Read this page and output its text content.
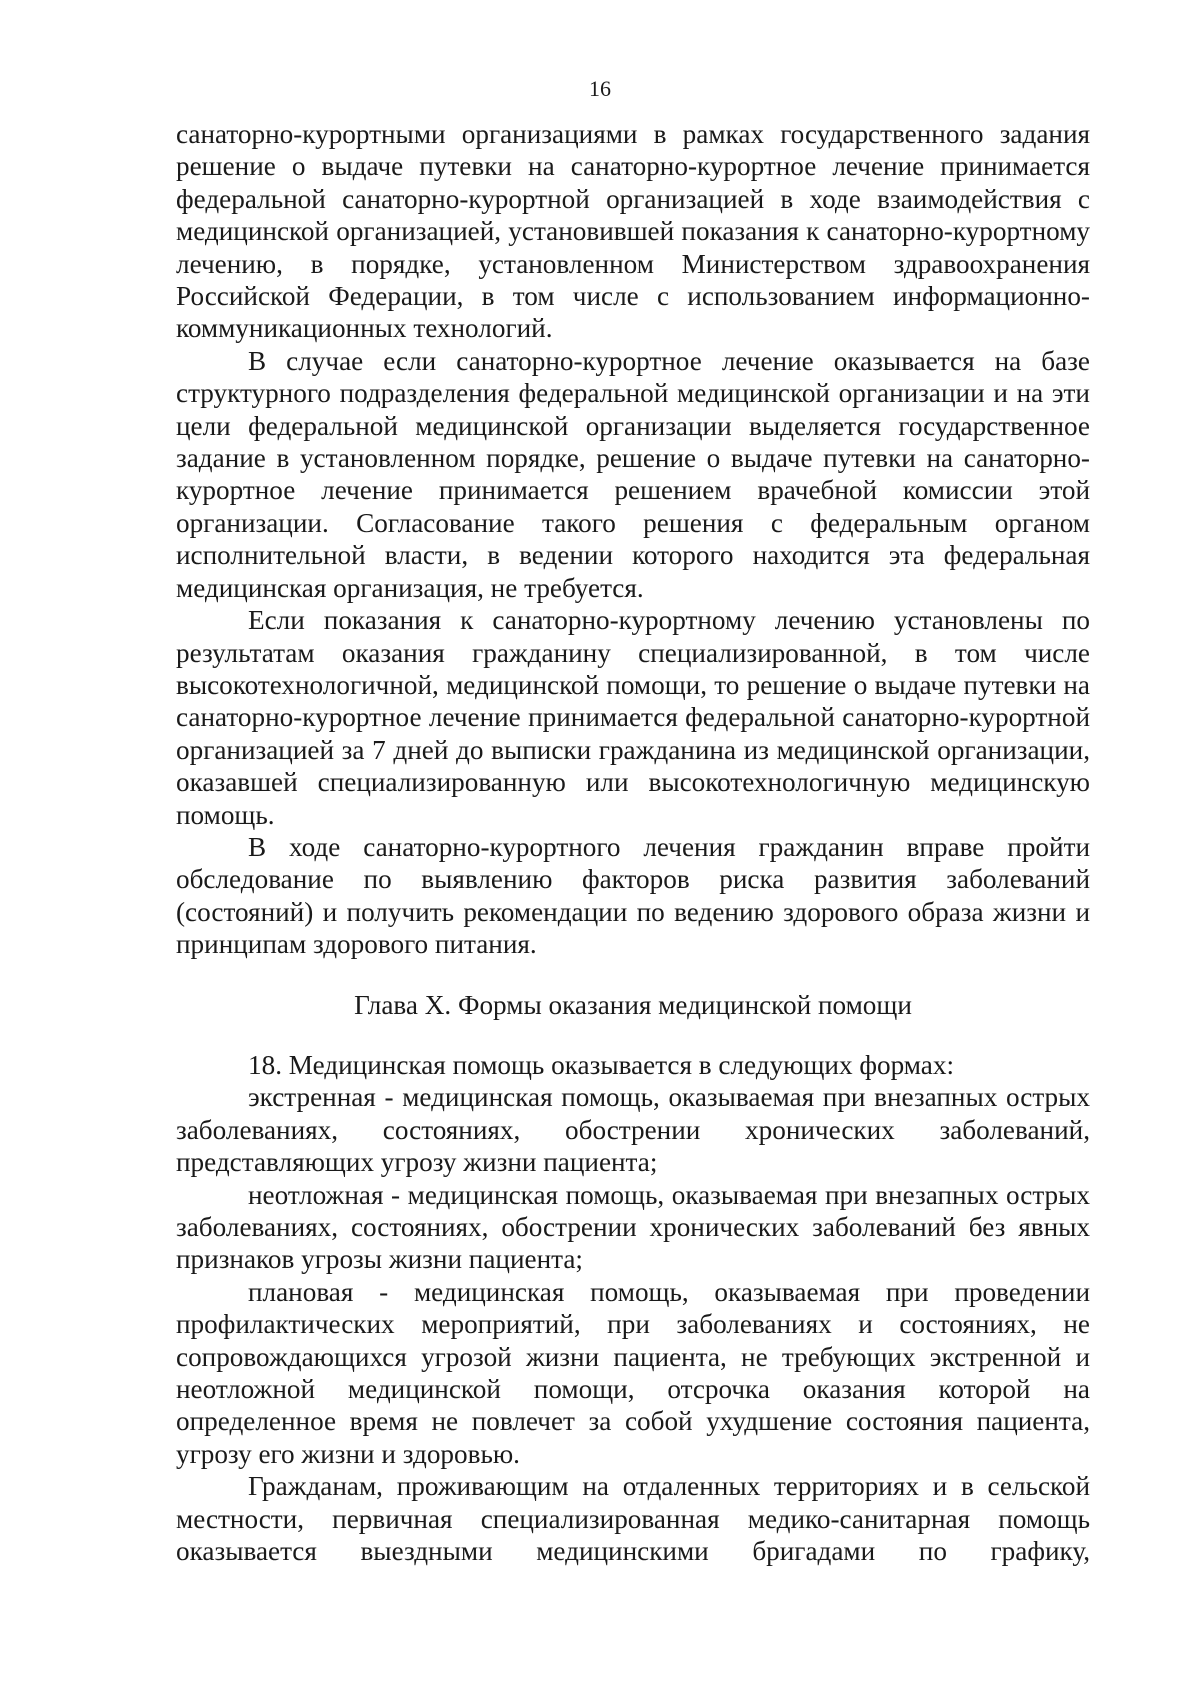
16

санаторно-курортными организациями в рамках государственного задания решение о выдаче путевки на санаторно-курортное лечение принимается федеральной санаторно-курортной организацией в ходе взаимодействия с медицинской организацией, установившей показания к санаторно-курортному лечению, в порядке, установленном Министерством здравоохранения Российской Федерации, в том числе с использованием информационно-коммуникационных технологий.

В случае если санаторно-курортное лечение оказывается на базе структурного подразделения федеральной медицинской организации и на эти цели федеральной медицинской организации выделяется государственное задание в установленном порядке, решение о выдаче путевки на санаторно-курортное лечение принимается решением врачебной комиссии этой организации. Согласование такого решения с федеральным органом исполнительной власти, в ведении которого находится эта федеральная медицинская организация, не требуется.

Если показания к санаторно-курортному лечению установлены по результатам оказания гражданину специализированной, в том числе высокотехнологичной, медицинской помощи, то решение о выдаче путевки на санаторно-курортное лечение принимается федеральной санаторно-курортной организацией за 7 дней до выписки гражданина из медицинской организации, оказавшей специализированную или высокотехнологичную медицинскую помощь.

В ходе санаторно-курортного лечения гражданин вправе пройти обследование по выявлению факторов риска развития заболеваний (состояний) и получить рекомендации по ведению здорового образа жизни и принципам здорового питания.

Глава X. Формы оказания медицинской помощи

18. Медицинская помощь оказывается в следующих формах:

экстренная - медицинская помощь, оказываемая при внезапных острых заболеваниях, состояниях, обострении хронических заболеваний, представляющих угрозу жизни пациента;

неотложная - медицинская помощь, оказываемая при внезапных острых заболеваниях, состояниях, обострении хронических заболеваний без явных признаков угрозы жизни пациента;

плановая - медицинская помощь, оказываемая при проведении профилактических мероприятий, при заболеваниях и состояниях, не сопровождающихся угрозой жизни пациента, не требующих экстренной и неотложной медицинской помощи, отсрочка оказания которой на определенное время не повлечет за собой ухудшение состояния пациента, угрозу его жизни и здоровью.

Гражданам, проживающим на отдаленных территориях и в сельской местности, первичная специализированная медико-санитарная помощь оказывается выездными медицинскими бригадами по графику,
